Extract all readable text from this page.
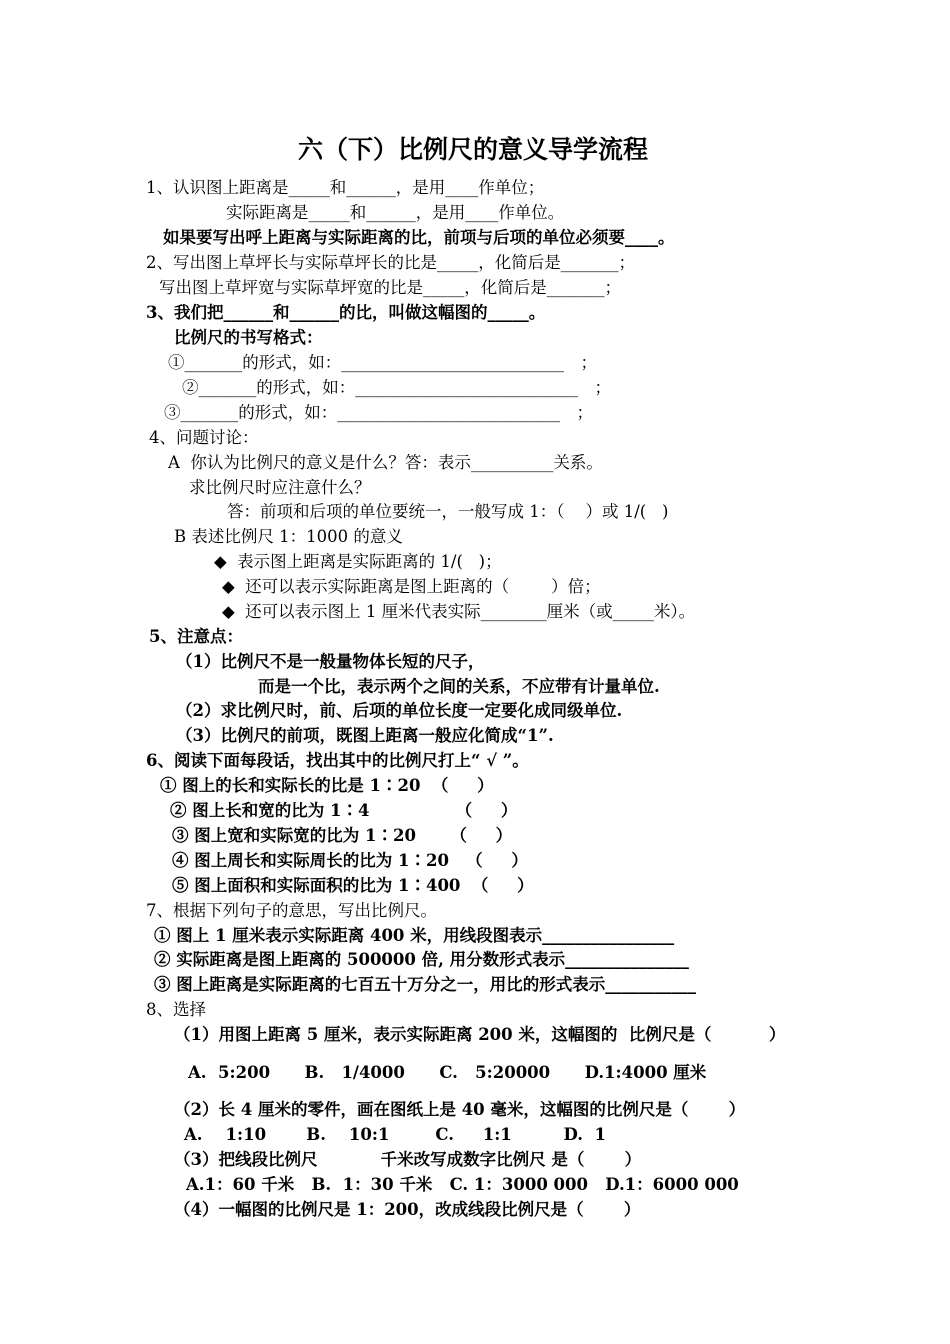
六（下）比例尺的意义导学流程
1、认识图上距离是_____和______，是用____作单位；
实际距离是_____和______，是用____作单位。
如果要写出呼上距离与实际距离的比，前项与后项的单位必须要____。
2、写出图上草坪长与实际草坪长的比是_____，化简后是_______；
写出图上草坪宽与实际草坪宽的比是_____，化简后是_______；
3、我们把______和______的比，叫做这幅图的_____。
比例尺的书写格式：
①_______的形式，如：___________________________　；
②_______的形式，如：___________________________　；
③_______的形式，如：___________________________　；
4、问题讨论：
A  你认为比例尺的意义是什么？答：表示__________关系。
求比例尺时应注意什么？
答：前项和后项的单位要统一，一般写成 1：（    ）或 1/(   )
B 表述比例尺 1：1000 的意义
◆  表示图上距离是实际距离的 1/(   )；
◆  还可以表示实际距离是图上距离的（        ）倍；
◆  还可以表示图上 1 厘米代表实际________厘米（或_____米）。
5、注意点：
（1）比例尺不是一般量物体长短的尺子，
而是一个比，表示两个之间的关系，不应带有计量单位.
（2）求比例尺时，前、后项的单位长度一定要化成同级单位.
（3）比例尺的前项，既图上距离一般应化简成“1”.
6、阅读下面每段话，找出其中的比例尺打上“ √ ”。
① 图上的长和实际长的比是 1∶20  （     ）
② 图上长和宽的比为 1∶4               （     ）
③ 图上宽和实际宽的比为 1∶20      （     ）
④ 图上周长和实际周长的比为 1∶20   （     ）
⑤ 图上面积和实际面积的比为 1∶400  （     ）
7、根据下列句子的意思，写出比例尺。
① 图上 1 厘米表示实际距离 400 米，用线段图表示________________
② 实际距离是图上距离的 500000 倍, 用分数形式表示_______________
③ 图上距离是实际距离的七百五十万分之一，用比的形式表示___________
8、选择
（1）用图上距离 5 厘米，表示实际距离 200 米，这幅图的  比例尺是（          ）
A.  5:200      B.   1/4000      C.   5:20000      D.1:4000 厘米
（2）长 4 厘米的零件，画在图纸上是 40 毫米，这幅图的比例尺是（       ）
A.    1:10       B.    10:1        C.     1:1         D.  1
（3）把线段比例尺           千米改写成数字比例尺 是（       ）
A.1：60 千米   B.  1：30 千米   C. 1：3000 000   D.1：6000 000
（4）一幅图的比例尺是 1：200，改成线段比例尺是（       ）
